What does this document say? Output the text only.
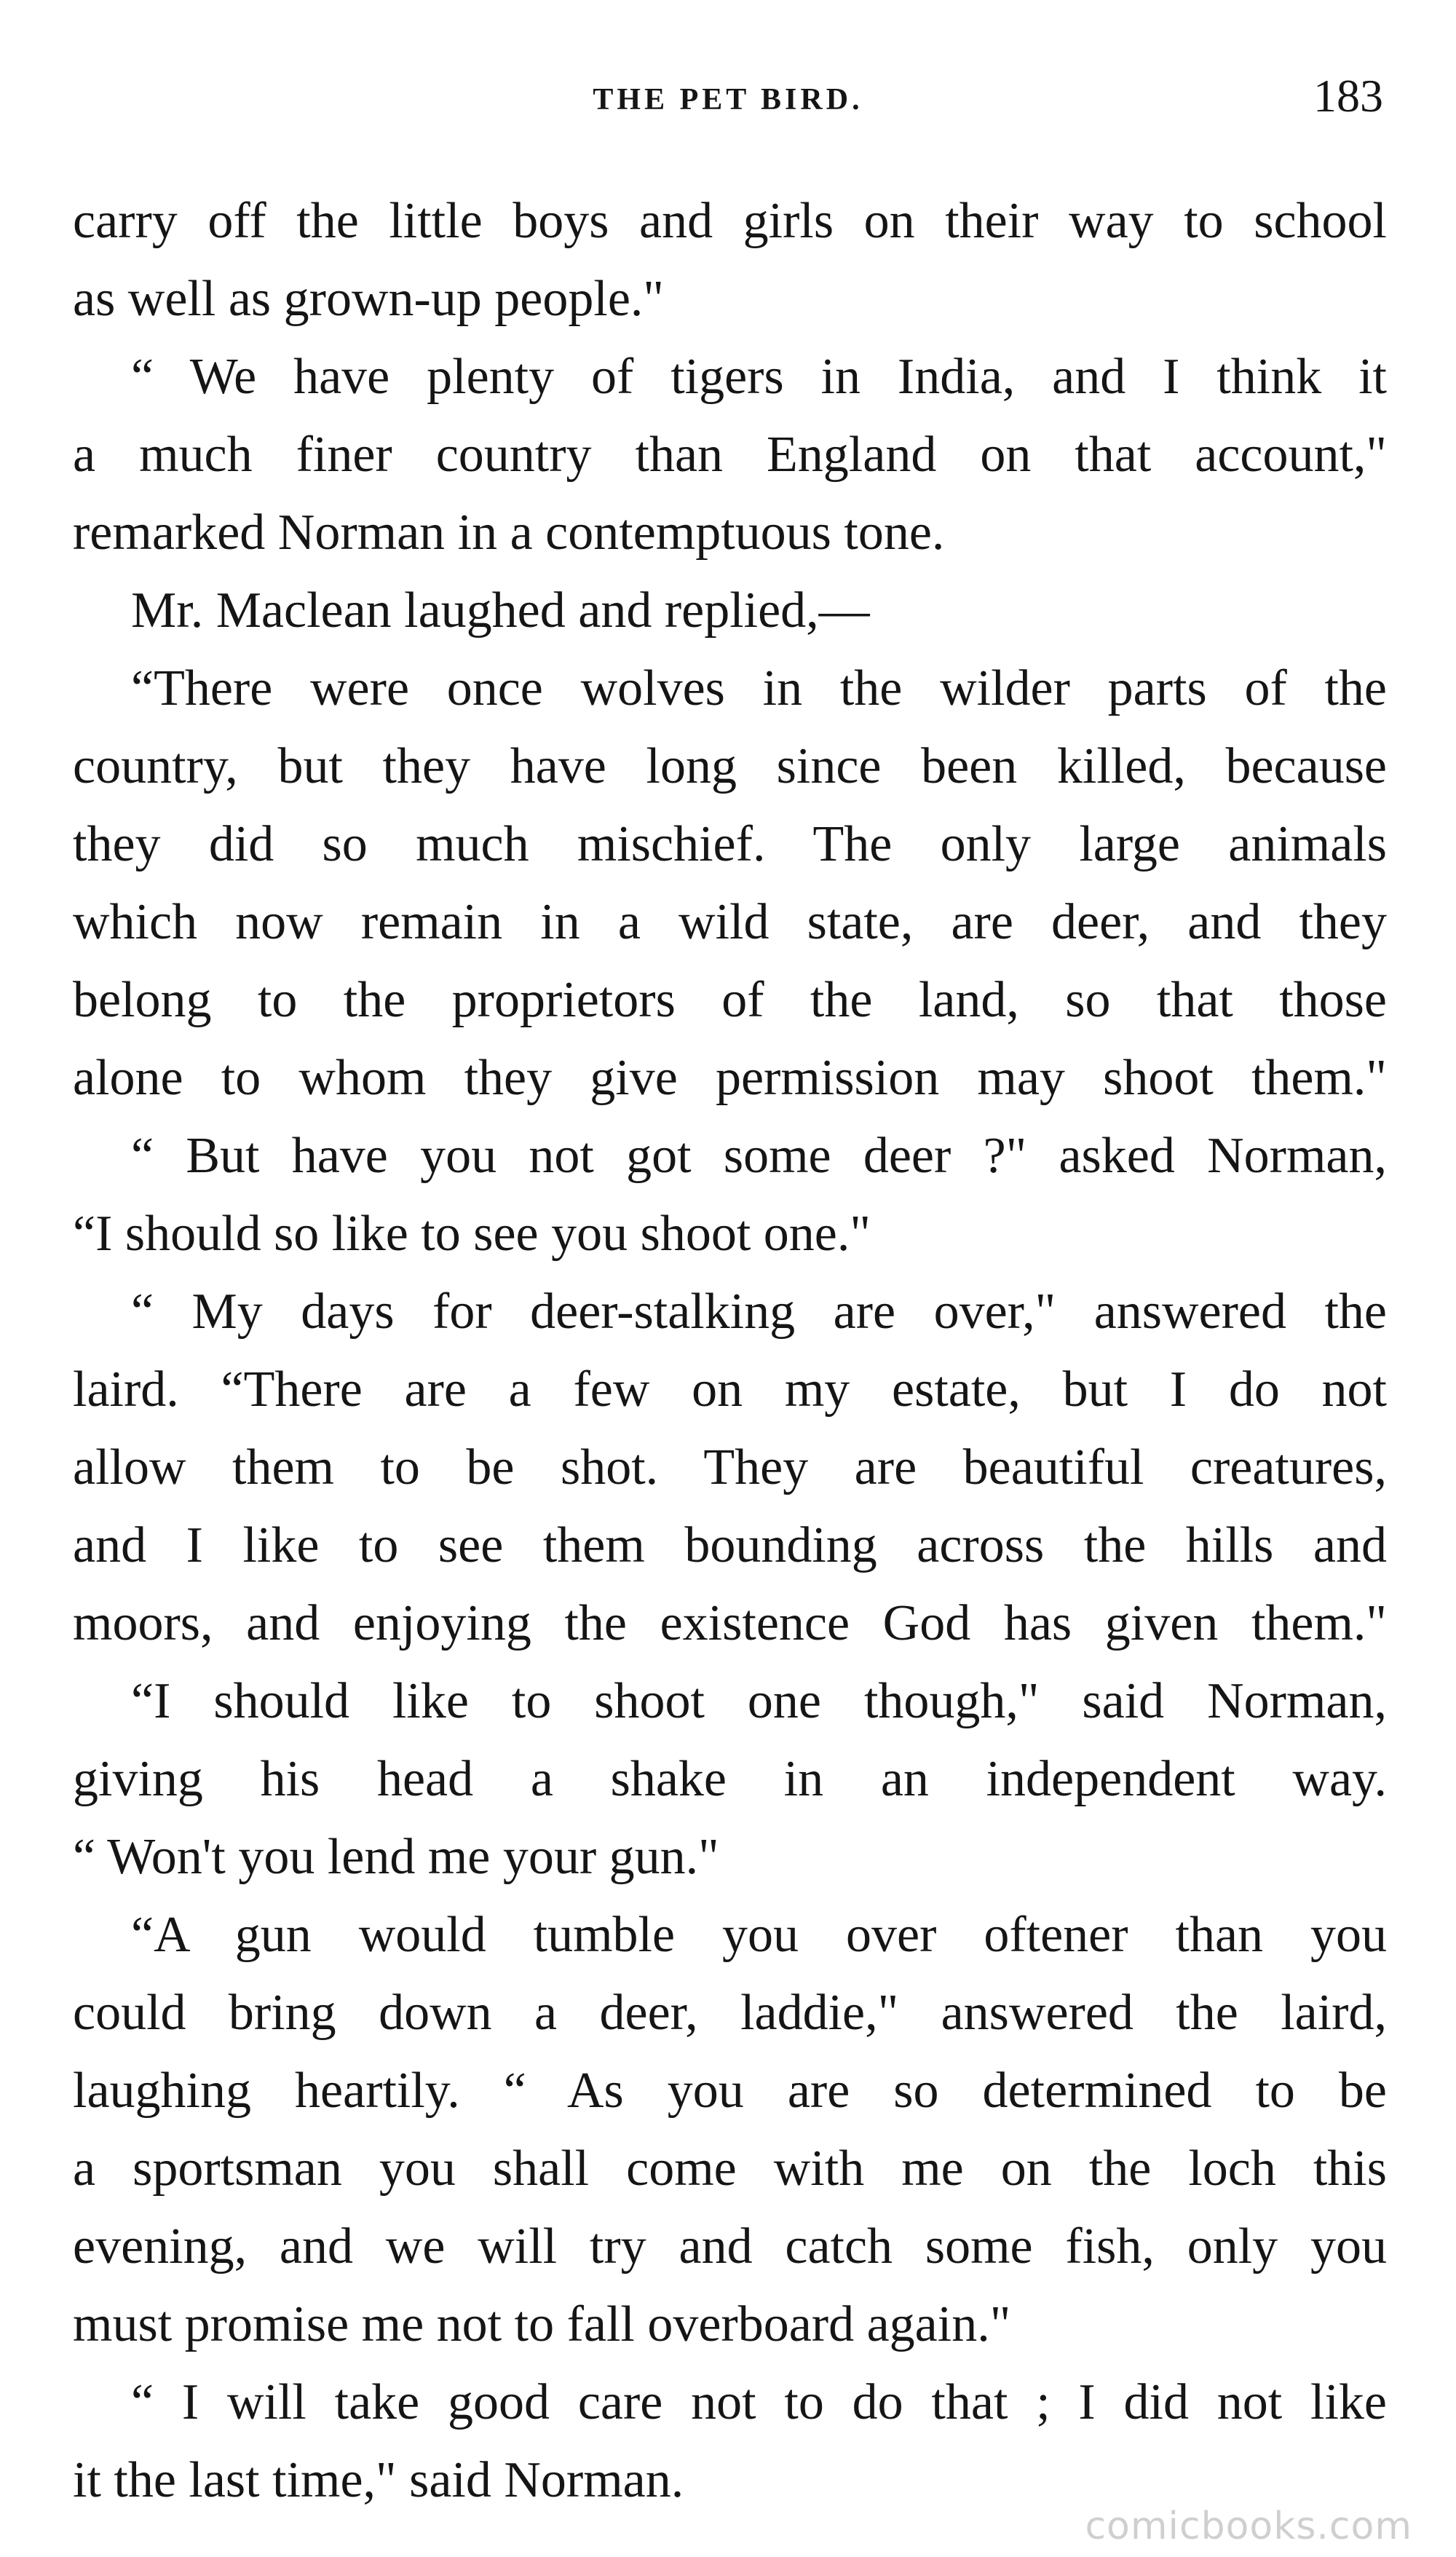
THE PET BIRD.	183
carry off the little boys and girls on their way to school
as well as grown-up people."
“ We have plenty of tigers in India, and I think it
a much finer country than England on that account,"
remarked Norman in a contemptuous tone.
Mr. Maclean laughed and replied,—
“There were once wolves in the wilder parts of the
country, but they have long since been killed, because
they did so much mischief. The only large animals
which now remain in a wild state, are deer, and they
belong to the proprietors of the land, so that those
alone to whom they give permission may shoot them."
“ But have you not got some deer ?" asked Norman,
“I should so like to see you shoot one."
“ My days for deer-stalking are over," answered the
laird. “There are a few on my estate, but I do not
allow them to be shot. They are beautiful creatures,
and I like to see them bounding across the hills and
moors, and enjoying the existence God has given them."
“I should like to shoot one though," said Norman,
giving his head a shake in an independent way.
“ Won't you lend me your gun."
“A gun would tumble you over oftener than you
could bring down a deer, laddie," answered the laird,
laughing heartily. “ As you are so determined to be
a sportsman you shall come with me on the loch this
evening, and we will try and catch some fish, only you
must promise me not to fall overboard again."
“ I will take good care not to do that ; I did not like
it the last time," said Norman.
comicbooks.com
